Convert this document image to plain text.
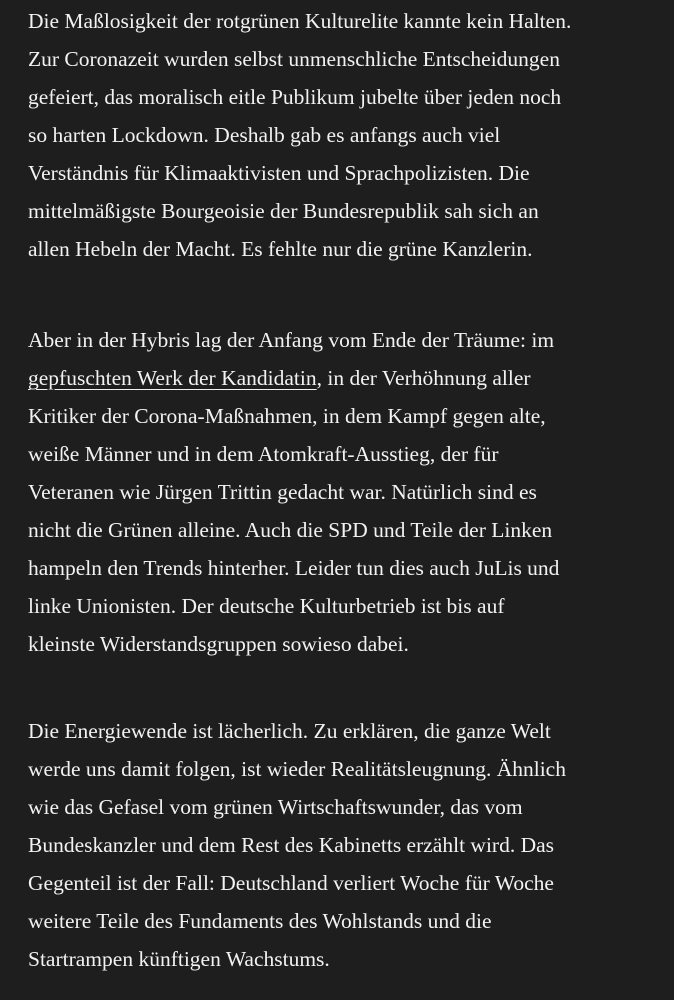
Die Maßlosigkeit der rotgrünen Kulturelite kannte kein Halten.
Zur Coronazeit wurden selbst unmenschliche Entscheidungen
gefeiert, das moralisch eitle Publikum jubelte über jeden noch
so harten Lockdown. Deshalb gab es anfangs auch viel
Verständnis für Klimaaktivisten und Sprachpolizisten. Die
mittelmäßigste Bourgeoisie der Bundesrepublik sah sich an
allen Hebeln der Macht. Es fehlte nur die grüne Kanzlerin.

Aber in der Hybris lag der Anfang vom Ende der Träume: im
gepfuschten Werk der Kandidatin, in der Verhöhnung aller
Kritiker der Corona-Maßnahmen, in dem Kampf gegen alte,
weiße Männer und in dem Atomkraft-Ausstieg, der für
Veteranen wie Jürgen Trittin gedacht war. Natürlich sind es
nicht die Grünen alleine. Auch die SPD und Teile der Linken
hampeln den Trends hinterher. Leider tun dies auch JuLis und
linke Unionisten. Der deutsche Kulturbetrieb ist bis auf
kleinste Widerstandsgruppen sowieso dabei.

Die Energiewende ist lächerlich. Zu erklären, die ganze Welt
werde uns damit folgen, ist wieder Realitätsleugnung. Ähnlich
wie das Gefasel vom grünen Wirtschaftswunder, das vom
Bundeskanzler und dem Rest des Kabinetts erzählt wird. Das
Gegenteil ist der Fall: Deutschland verliert Woche für Woche
weitere Teile des Fundaments des Wohlstands und die
Startrampen künftigen Wachstums.
